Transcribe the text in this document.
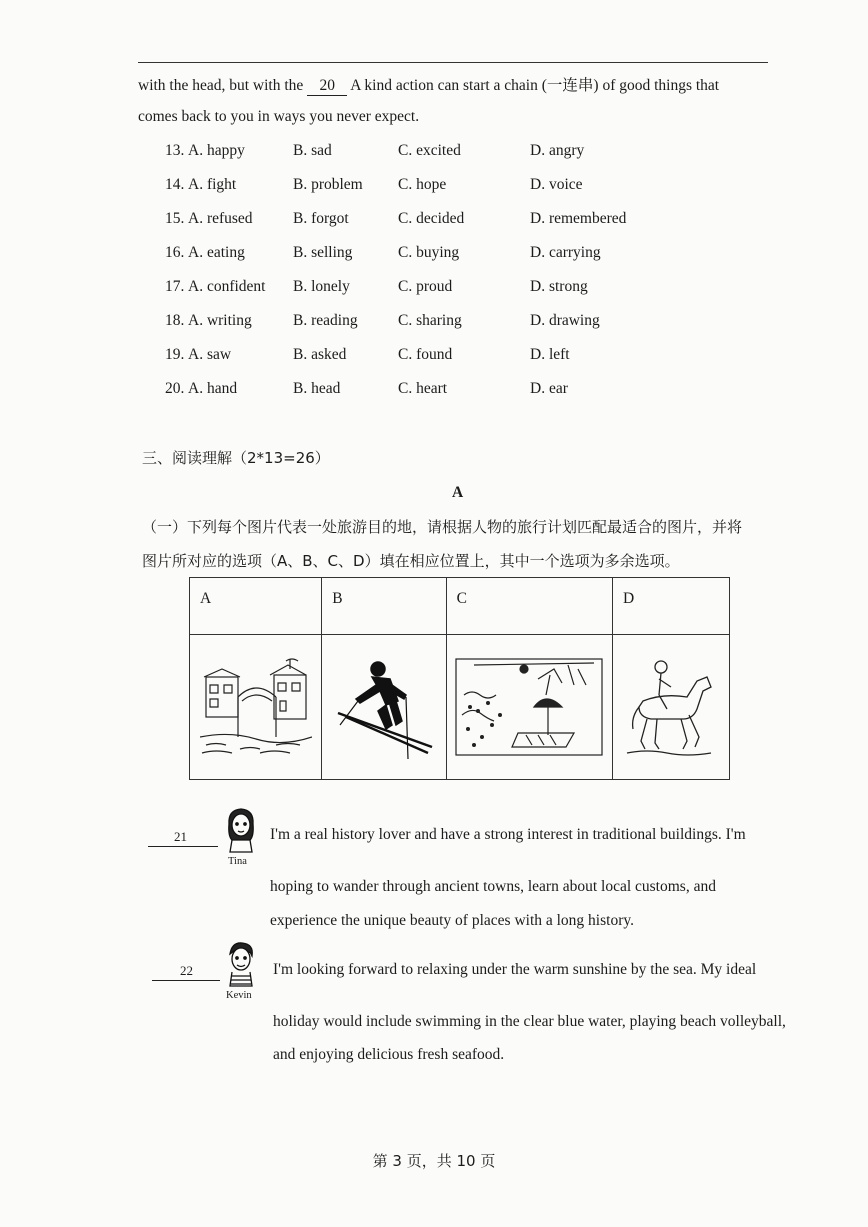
with the head, but with the 20 A kind action can start a chain (一连串) of good things that
comes back to you in ways you never expect.
13. A. happy	B. sad	C. excited	D. angry
14. A. fight	B. problem C. hope	D. voice
15. A. refused	B. forgot	C. decided	D. remembered
16. A. eating	B. selling	C. buying	D. carrying
17. A. confident B. lonely	C. proud	D. strong
18. A. writing	B. reading	C. sharing	D. drawing
19. A. saw	B. asked	C. found	D. left
20. A. hand	B. head	C. heart	D. ear
三、阅读理解（2*13=26）
A
（一）下列每个图片代表一处旅游目的地，请根据人物的旅行计划匹配最适合的图片，并将
图片所对应的选项（A、B、C、D）填在相应位置上，其中一个选项为多余选项。
A	B	C	D

21
Tina
I'm a real history lover and have a strong interest in traditional buildings. I'm
hoping to wander through ancient towns, learn about local customs, and
experience the unique beauty of places with a long history.
22
Kevin
I'm looking forward to relaxing under the warm sunshine by the sea. My ideal
holiday would include swimming in the clear blue water, playing beach volleyball,
and enjoying delicious fresh seafood.
第 3 页，共 10 页
